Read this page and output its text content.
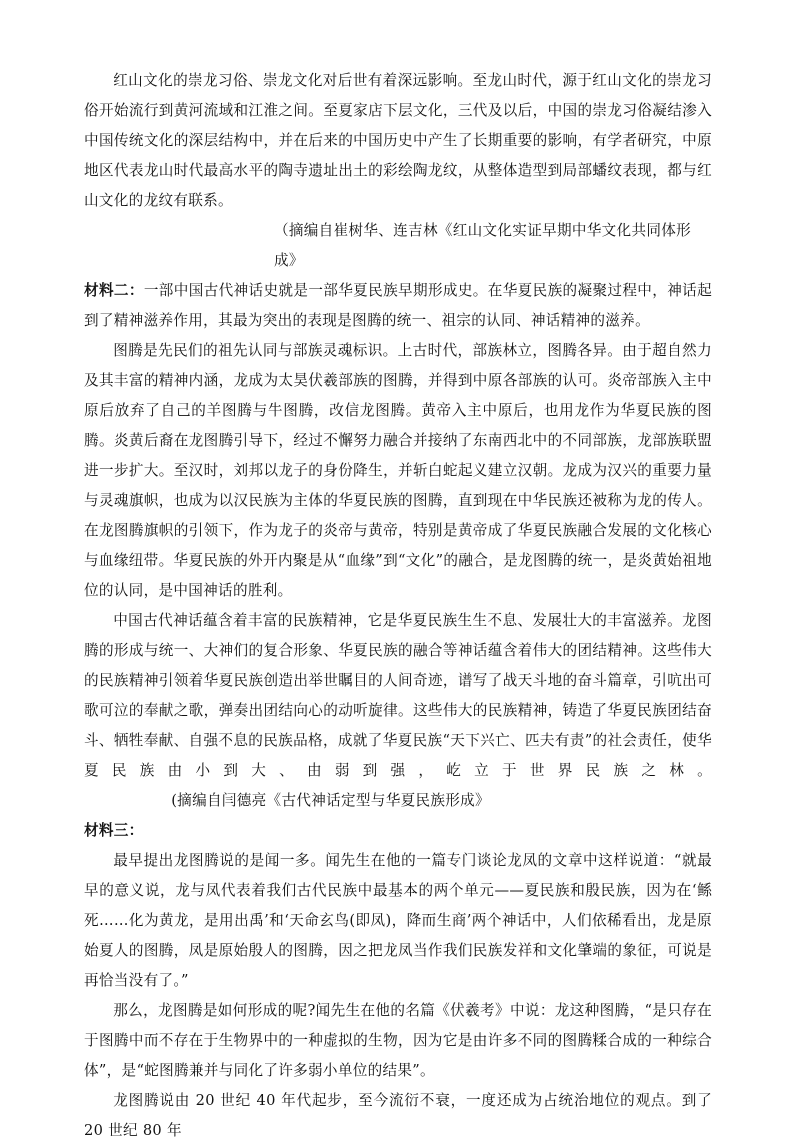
红山文化的崇龙习俗、崇龙文化对后世有着深远影响。至龙山时代，源于红山文化的崇龙习俗开始流行到黄河流域和江淮之间。至夏家店下层文化，三代及以后，中国的崇龙习俗凝结渗入中国传统文化的深层结构中，并在后来的中国历史中产生了长期重要的影响，有学者研究，中原地区代表龙山时代最高水平的陶寺遗址出土的彩绘陶龙纹，从整体造型到局部蟠纹表现，都与红山文化的龙纹有联系。

（摘编自崔树华、连吉林《红山文化实证早期中华文化共同体形成》

材料二：一部中国古代神话史就是一部华夏民族早期形成史。在华夏民族的凝聚过程中，神话起到了精神滋养作用，其最为突出的表现是图腾的统一、祖宗的认同、神话精神的滋养。

图腾是先民们的祖先认同与部族灵魂标识。上古时代，部族林立，图腾各异。由于超自然力及其丰富的精神内涵，龙成为太昊伏羲部族的图腾，并得到中原各部族的认可。炎帝部族入主中原后放弃了自己的羊图腾与牛图腾，改信龙图腾。黄帝入主中原后，也用龙作为华夏民族的图腾。炎黄后裔在龙图腾引导下，经过不懈努力融合并接纳了东南西北中的不同部族，龙部族联盟进一步扩大。至汉时，刘邦以龙子的身份降生，并斩白蛇起义建立汉朝。龙成为汉兴的重要力量与灵魂旗帜，也成为以汉民族为主体的华夏民族的图腾，直到现在中华民族还被称为龙的传人。在龙图腾旗帜的引领下，作为龙子的炎帝与黄帝，特别是黄帝成了华夏民族融合发展的文化核心与血缘纽带。华夏民族的外开内聚是从“血缘”到“文化”的融合，是龙图腾的统一，是炎黄始祖地位的认同，是中国神话的胜利。

中国古代神话蕴含着丰富的民族精神，它是华夏民族生生不息、发展壮大的丰富滋养。龙图腾的形成与统一、大神们的复合形象、华夏民族的融合等神话蕴含着伟大的团结精神。这些伟大的民族精神引领着华夏民族创造出举世瞩目的人间奇迹，谱写了战天斗地的奋斗篇章，引吭出可歌可泣的奉献之歌，弹奏出团结向心的动听旋律。这些伟大的民族精神，铸造了华夏民族团结奋斗、牺牲奉献、自强不息的民族品格，成就了华夏民族“天下兴亡、匹夫有责”的社会责任，使华夏民族由小到大、由弱到强，屹立于世界民族之林。(摘编自闫德亮《古代神话定型与华夏民族形成》

材料三：

最早提出龙图腾说的是闻一多。闻先生在他的一篇专门谈论龙凤的文章中这样说道：“就最早的意义说，龙与凤代表着我们古代民族中最基本的两个单元——夏民族和殷民族，因为在‘鲧死……化为黄龙，是用出禹’和‘天命玄鸟(即凤)，降而生商’两个神话中，人们依稀看出，龙是原始夏人的图腾，凤是原始殷人的图腾，因之把龙凤当作我们民族发祥和文化肇端的象征，可说是再恰当没有了。”

那么，龙图腾是如何形成的呢?闻先生在他的名篇《伏羲考》中说：龙这种图腾，“是只存在于图腾中而不存在于生物界中的一种虚拟的生物，因为它是由许多不同的图腾糅合成的一种综合体”，是“蛇图腾兼并与同化了许多弱小单位的结果”。

龙图腾说由 20 世纪 40 年代起步，至今流衍不衰，一度还成为占统治地位的观点。到了 20 世纪 80 年
